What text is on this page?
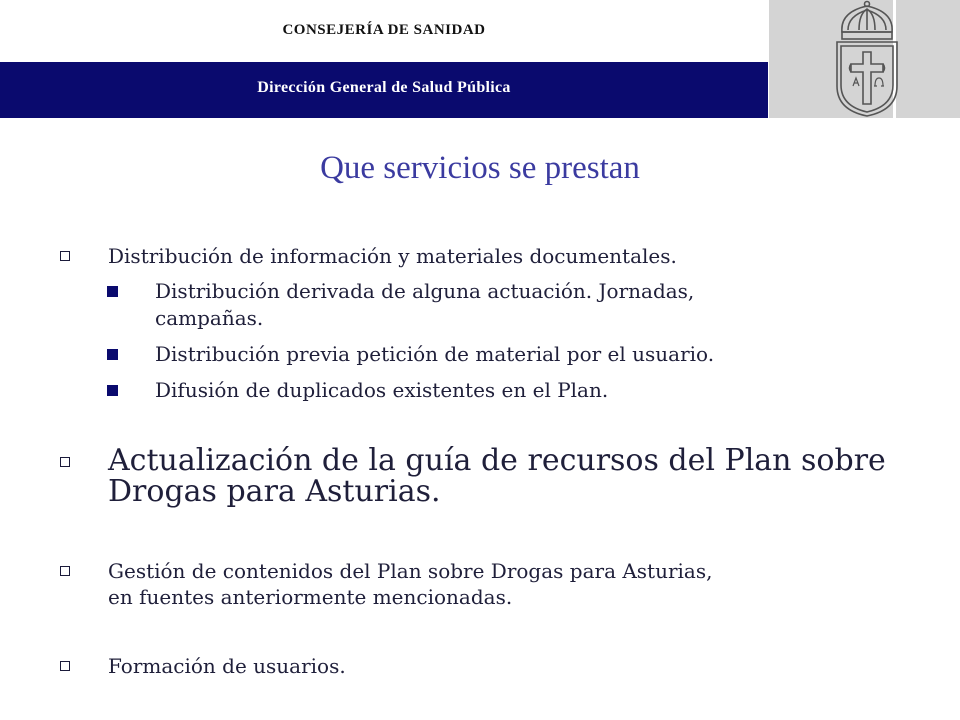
CONSEJERÍA DE SANIDAD
Dirección General de Salud Pública
Que servicios se prestan
Distribución de información y materiales documentales.
Distribución derivada de alguna actuación. Jornadas,
campañas.
Distribución previa petición de material por el usuario.
Difusión de duplicados existentes en el Plan.
Actualización de la guía de recursos del Plan sobre
Drogas para Asturias.
Gestión de contenidos del Plan sobre Drogas para Asturias,
en fuentes anteriormente mencionadas.
Formación de usuarios.
